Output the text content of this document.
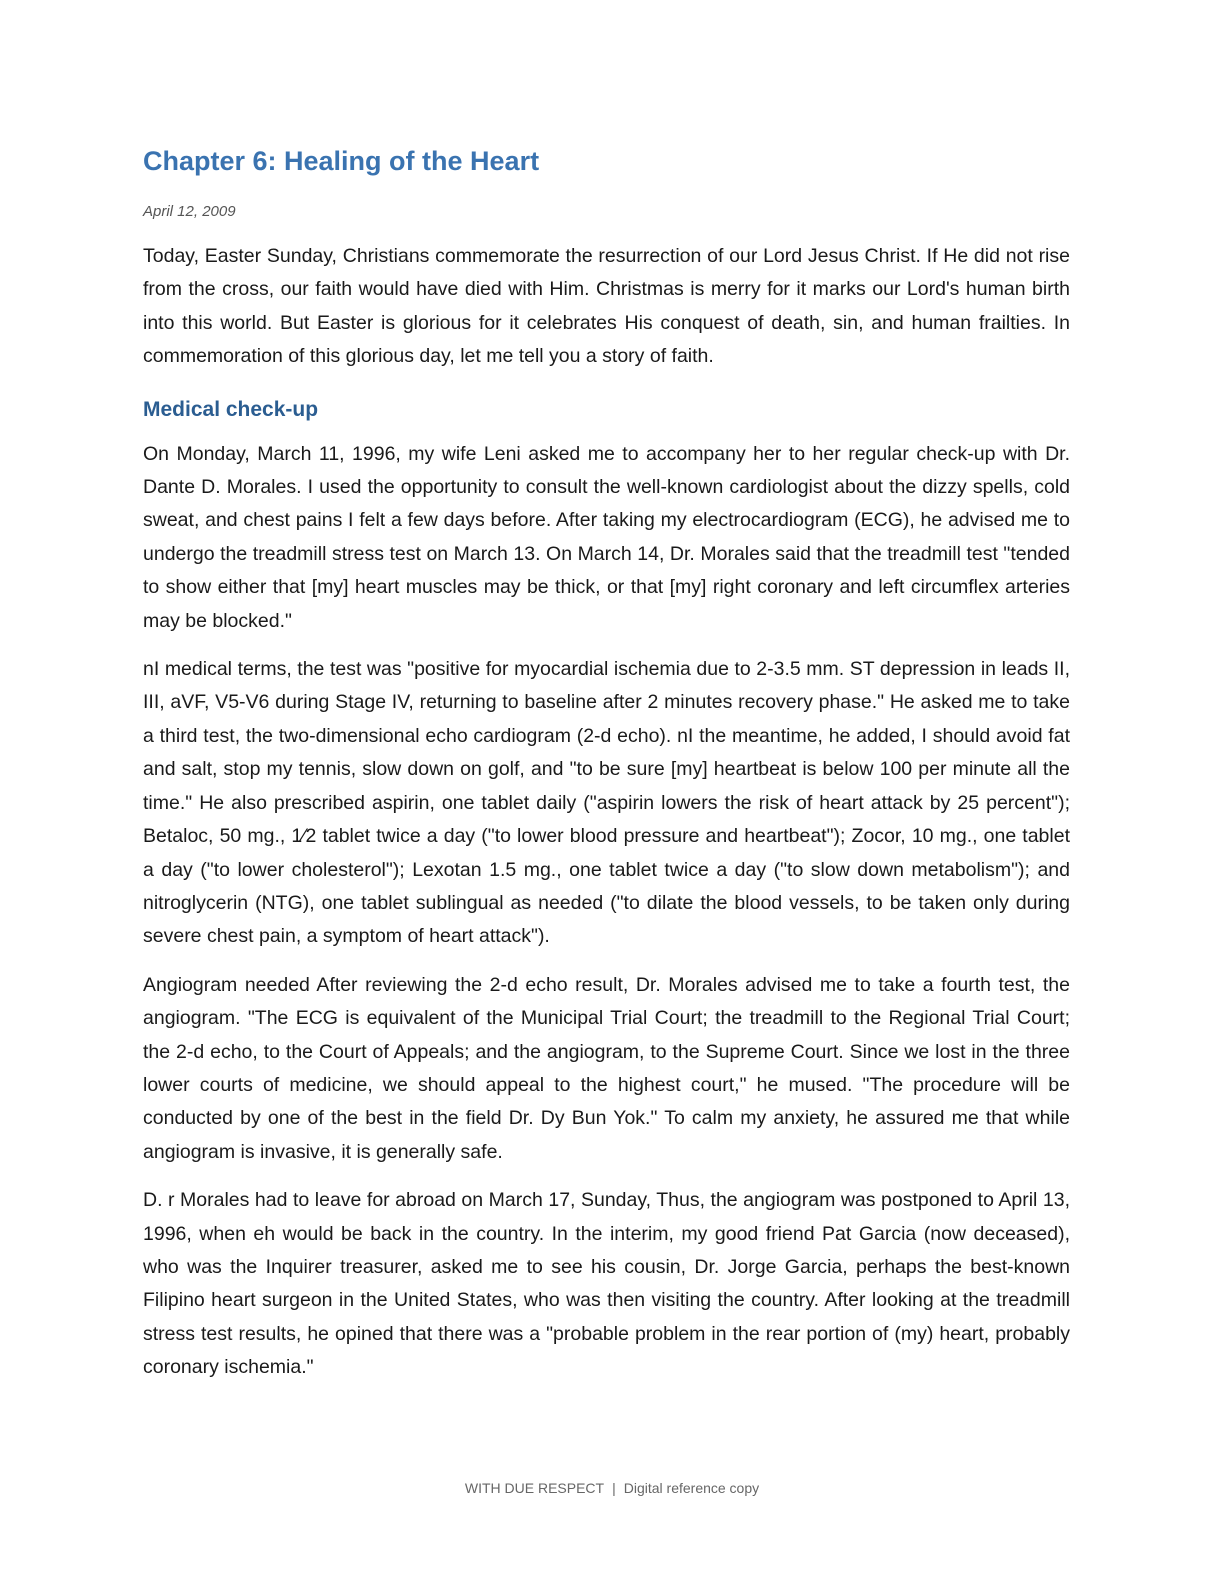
Chapter 6: Healing of the Heart

April 12, 2009

Today, Easter Sunday, Christians commemorate the resurrection of our Lord Jesus Christ. If He did not rise from the cross, our faith would have died with Him. Christmas is merry for it marks our Lord's human birth into this world. But Easter is glorious for it celebrates His conquest of death, sin, and human frailties. In commemoration of this glorious day, let me tell you a story of faith.

Medical check-up

On Monday, March 11, 1996, my wife Leni asked me to accompany her to her regular check-up with Dr. Dante D. Morales. I used the opportunity to consult the well-known cardiologist about the dizzy spells, cold sweat, and chest pains I felt a few days before. After taking my electrocardiogram (ECG), he advised me to undergo the treadmill stress test on March 13. On March 14, Dr. Morales said that the treadmill test "tended to show either that [my] heart muscles may be thick, or that [my] right coronary and left circumflex arteries may be blocked."

nI medical terms, the test was "positive for myocardial ischemia due to 2-3.5 mm. ST depression in leads II, III, aVF, V5-V6 during Stage IV, returning to baseline after 2 minutes recovery phase." He asked me to take a third test, the two-dimensional echo cardiogram (2-d echo). nI the meantime, he added, I should avoid fat and salt, stop my tennis, slow down on golf, and "to be sure [my] heartbeat is below 100 per minute all the time." He also prescribed aspirin, one tablet daily ("aspirin lowers the risk of heart attack by 25 percent"); Betaloc, 50 mg., 1⁄2 tablet twice a day ("to lower blood pressure and heartbeat"); Zocor, 10 mg., one tablet a day ("to lower cholesterol"); Lexotan 1.5 mg., one tablet twice a day ("to slow down metabolism"); and nitroglycerin (NTG), one tablet sublingual as needed ("to dilate the blood vessels, to be taken only during severe chest pain, a symptom of heart attack").

Angiogram needed After reviewing the 2-d echo result, Dr. Morales advised me to take a fourth test, the angiogram. "The ECG is equivalent of the Municipal Trial Court; the treadmill to the Regional Trial Court; the 2-d echo, to the Court of Appeals; and the angiogram, to the Supreme Court. Since we lost in the three lower courts of medicine, we should appeal to the highest court," he mused. "The procedure will be conducted by one of the best in the field Dr. Dy Bun Yok." To calm my anxiety, he assured me that while angiogram is invasive, it is generally safe.

D. r Morales had to leave for abroad on March 17, Sunday, Thus, the angiogram was postponed to April 13, 1996, when eh would be back in the country. In the interim, my good friend Pat Garcia (now deceased), who was the Inquirer treasurer, asked me to see his cousin, Dr. Jorge Garcia, perhaps the best-known Filipino heart surgeon in the United States, who was then visiting the country. After looking at the treadmill stress test results, he opined that there was a "probable problem in the rear portion of (my) heart, probably coronary ischemia."

WITH DUE RESPECT | Digital reference copy
